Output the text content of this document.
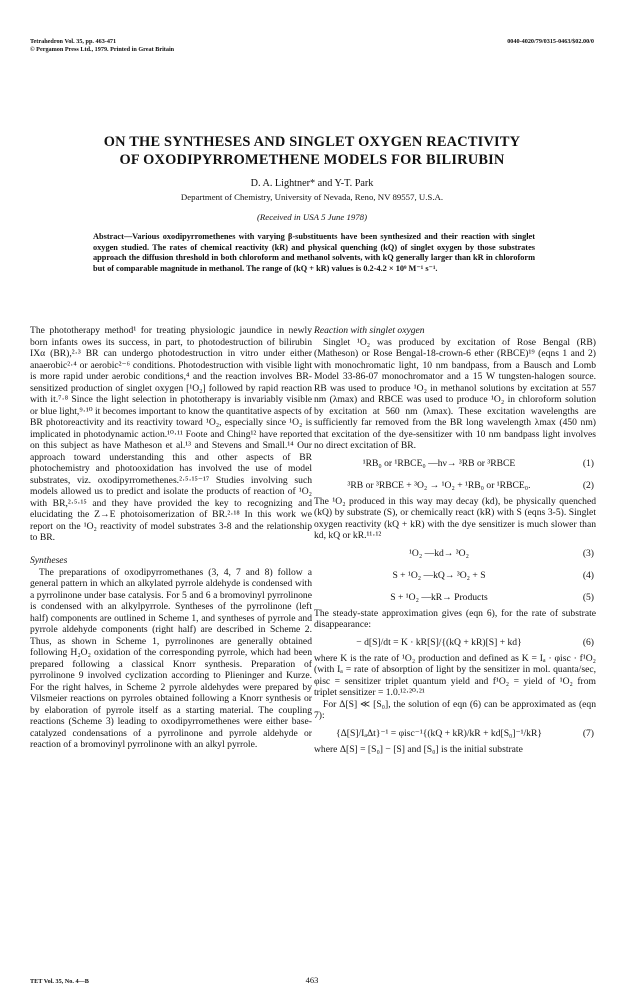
Tetrahedron Vol. 35, pp. 463-471
© Pergamon Press Ltd., 1979. Printed in Great Britain
0040-4020/79/0315-0463/$02.00/0
ON THE SYNTHESES AND SINGLET OXYGEN REACTIVITY
OF OXODIPYRROMETHENE MODELS FOR BILIRUBIN
D. A. Lightner* and Y-T. Park
Department of Chemistry, University of Nevada, Reno, NV 89557, U.S.A.
(Received in USA 5 June 1978)
Abstract—Various oxodipyrromethenes with varying β-substituents have been synthesized and their reaction with singlet oxygen studied. The rates of chemical reactivity (kR) and physical quenching (kQ) of singlet oxygen by those substrates approach the diffusion threshold in both chloroform and methanol solvents, with kQ generally larger than kR in chloroform but of comparable magnitude in methanol. The range of (kQ + kR) values is 0.2-4.2 × 10⁹ M⁻¹ s⁻¹.

The phototherapy method¹ for treating physiologic jaundice in newly born infants owes its success, in part, to photodestruction of bilirubin IXα (BR),²·³ BR can undergo photodestruction in vitro under either anaerobic²·⁴ or aerobic²⁻⁶ conditions. Photodestruction with visible light is more rapid under aerobic conditions,⁴ and the reaction involves BR-sensitized production of singlet oxygen [¹O₂] followed by rapid reaction with it.⁷·⁸ Since the light selection in phototherapy is invariably visible or blue light,⁹·¹⁰ it becomes important to know the quantitative aspects of BR photoreactivity and its reactivity toward ¹O₂, especially since ¹O₂ is implicated in photodynamic action.¹⁰·¹¹ Foote and Ching¹² have reported on this subject as have Matheson et al.¹³ and Stevens and Small.¹⁴ Our approach toward understanding this and other aspects of BR photochemistry and photooxidation has involved the use of model substrates, viz. oxodipyrromethenes.²·⁵·¹⁵⁻¹⁷ Studies involving such models allowed us to predict and isolate the products of reaction of ¹O₂ with BR,²·⁵·¹⁵ and they have provided the key to recognizing and elucidating the Z→E photoisomerization of BR.²·¹⁸ In this work we report on the ¹O₂ reactivity of model substrates 3-8 and the relationship to BR.

Syntheses

The preparations of oxodipyrromethanes (3, 4, 7 and 8) follow a general pattern in which an alkylated pyrrole aldehyde is condensed with a pyrrolinone under base catalysis. For 5 and 6 a bromovinyl pyrrolinone is condensed with an alkylpyrrole. Syntheses of the pyrrolinone (left half) components are outlined in Scheme 1, and syntheses of pyrrole and pyrrole aldehyde components (right half) are described in Scheme 2. Thus, as shown in Scheme 1, pyrrolinones are generally obtained following H₂O₂ oxidation of the corresponding pyrrole, which had been prepared following a classical Knorr synthesis. Preparation of pyrrolinone 9 involved cyclization according to Plieninger and Kurze. For the right halves, in Scheme 2 pyrrole aldehydes were prepared by Vilsmeier reactions on pyrroles obtained following a Knorr synthesis or by elaboration of pyrrole itself as a starting material. The coupling reactions (Scheme 3) leading to oxodipyrromethenes were either base-catalyzed condensations of a pyrrolinone and pyrrole aldehyde or reaction of a bromovinyl pyrrolinone with an alkyl pyrrole.

Reaction with singlet oxygen

Singlet ¹O₂ was produced by excitation of Rose Bengal (RB) (Matheson) or Rose Bengal-18-crown-6 ether (RBCE)¹⁹ (eqns 1 and 2) with monochromatic light, 10 nm bandpass, from a Bausch and Lomb Model 33-86-07 monochromator and a 15 W tungsten-halogen source. RB was used to produce ¹O₂ in methanol solutions by excitation at 557 nm (λmax) and RBCE was used to produce ¹O₂ in chloroform solution by excitation at 560 nm (λmax). These excitation wavelengths are sufficiently far removed from the BR long wavelength λmax (450 nm) that excitation of the dye-sensitizer with 10 nm bandpass light involves no direct excitation of BR.

¹RB₀ or ¹RBCE₀ —hν→ ³RB or ³RBCE	(1)
³RB or ³RBCE + ³O₂ → ¹O₂ + ¹RB₀ or ¹RBCE₀.	(2)

The ¹O₂ produced in this way may decay (kd), be physically quenched (kQ) by substrate (S), or chemically react (kR) with S (eqns 3-5). Singlet oxygen reactivity (kQ + kR) with the dye sensitizer is much slower than kd, kQ or kR.¹¹·¹²

¹O₂ —kd→ ³O₂	(3)
S + ¹O₂ —kQ→ ³O₂ + S	(4)
S + ¹O₂ —kR→ Products	(5)

The steady-state approximation gives (eqn 6), for the rate of substrate disappearance:

− d[S]/dt = K · kR[S]/{(kQ + kR)[S] + kd}	(6)

where K is the rate of ¹O₂ production and defined as K = Iₐ · φisc · f¹O₂ (with Iₐ = rate of absorption of light by the sensitizer in mol. quanta/sec, φisc = sensitizer triplet quantum yield and f¹O₂ = yield of ¹O₂ from triplet sensitizer = 1.0.¹²·²⁰·²¹

For Δ[S] ≪ [S₀], the solution of eqn (6) can be approximated as (eqn 7):

{Δ[S]/IₐΔt}⁻¹ = φisc⁻¹{(kQ + kR)/kR + kd[S₀]⁻¹/kR}	(7)

where Δ[S] = [S₀] − [S] and [S₀] is the initial substrate

TET Vol. 35, No. 4—B	463
